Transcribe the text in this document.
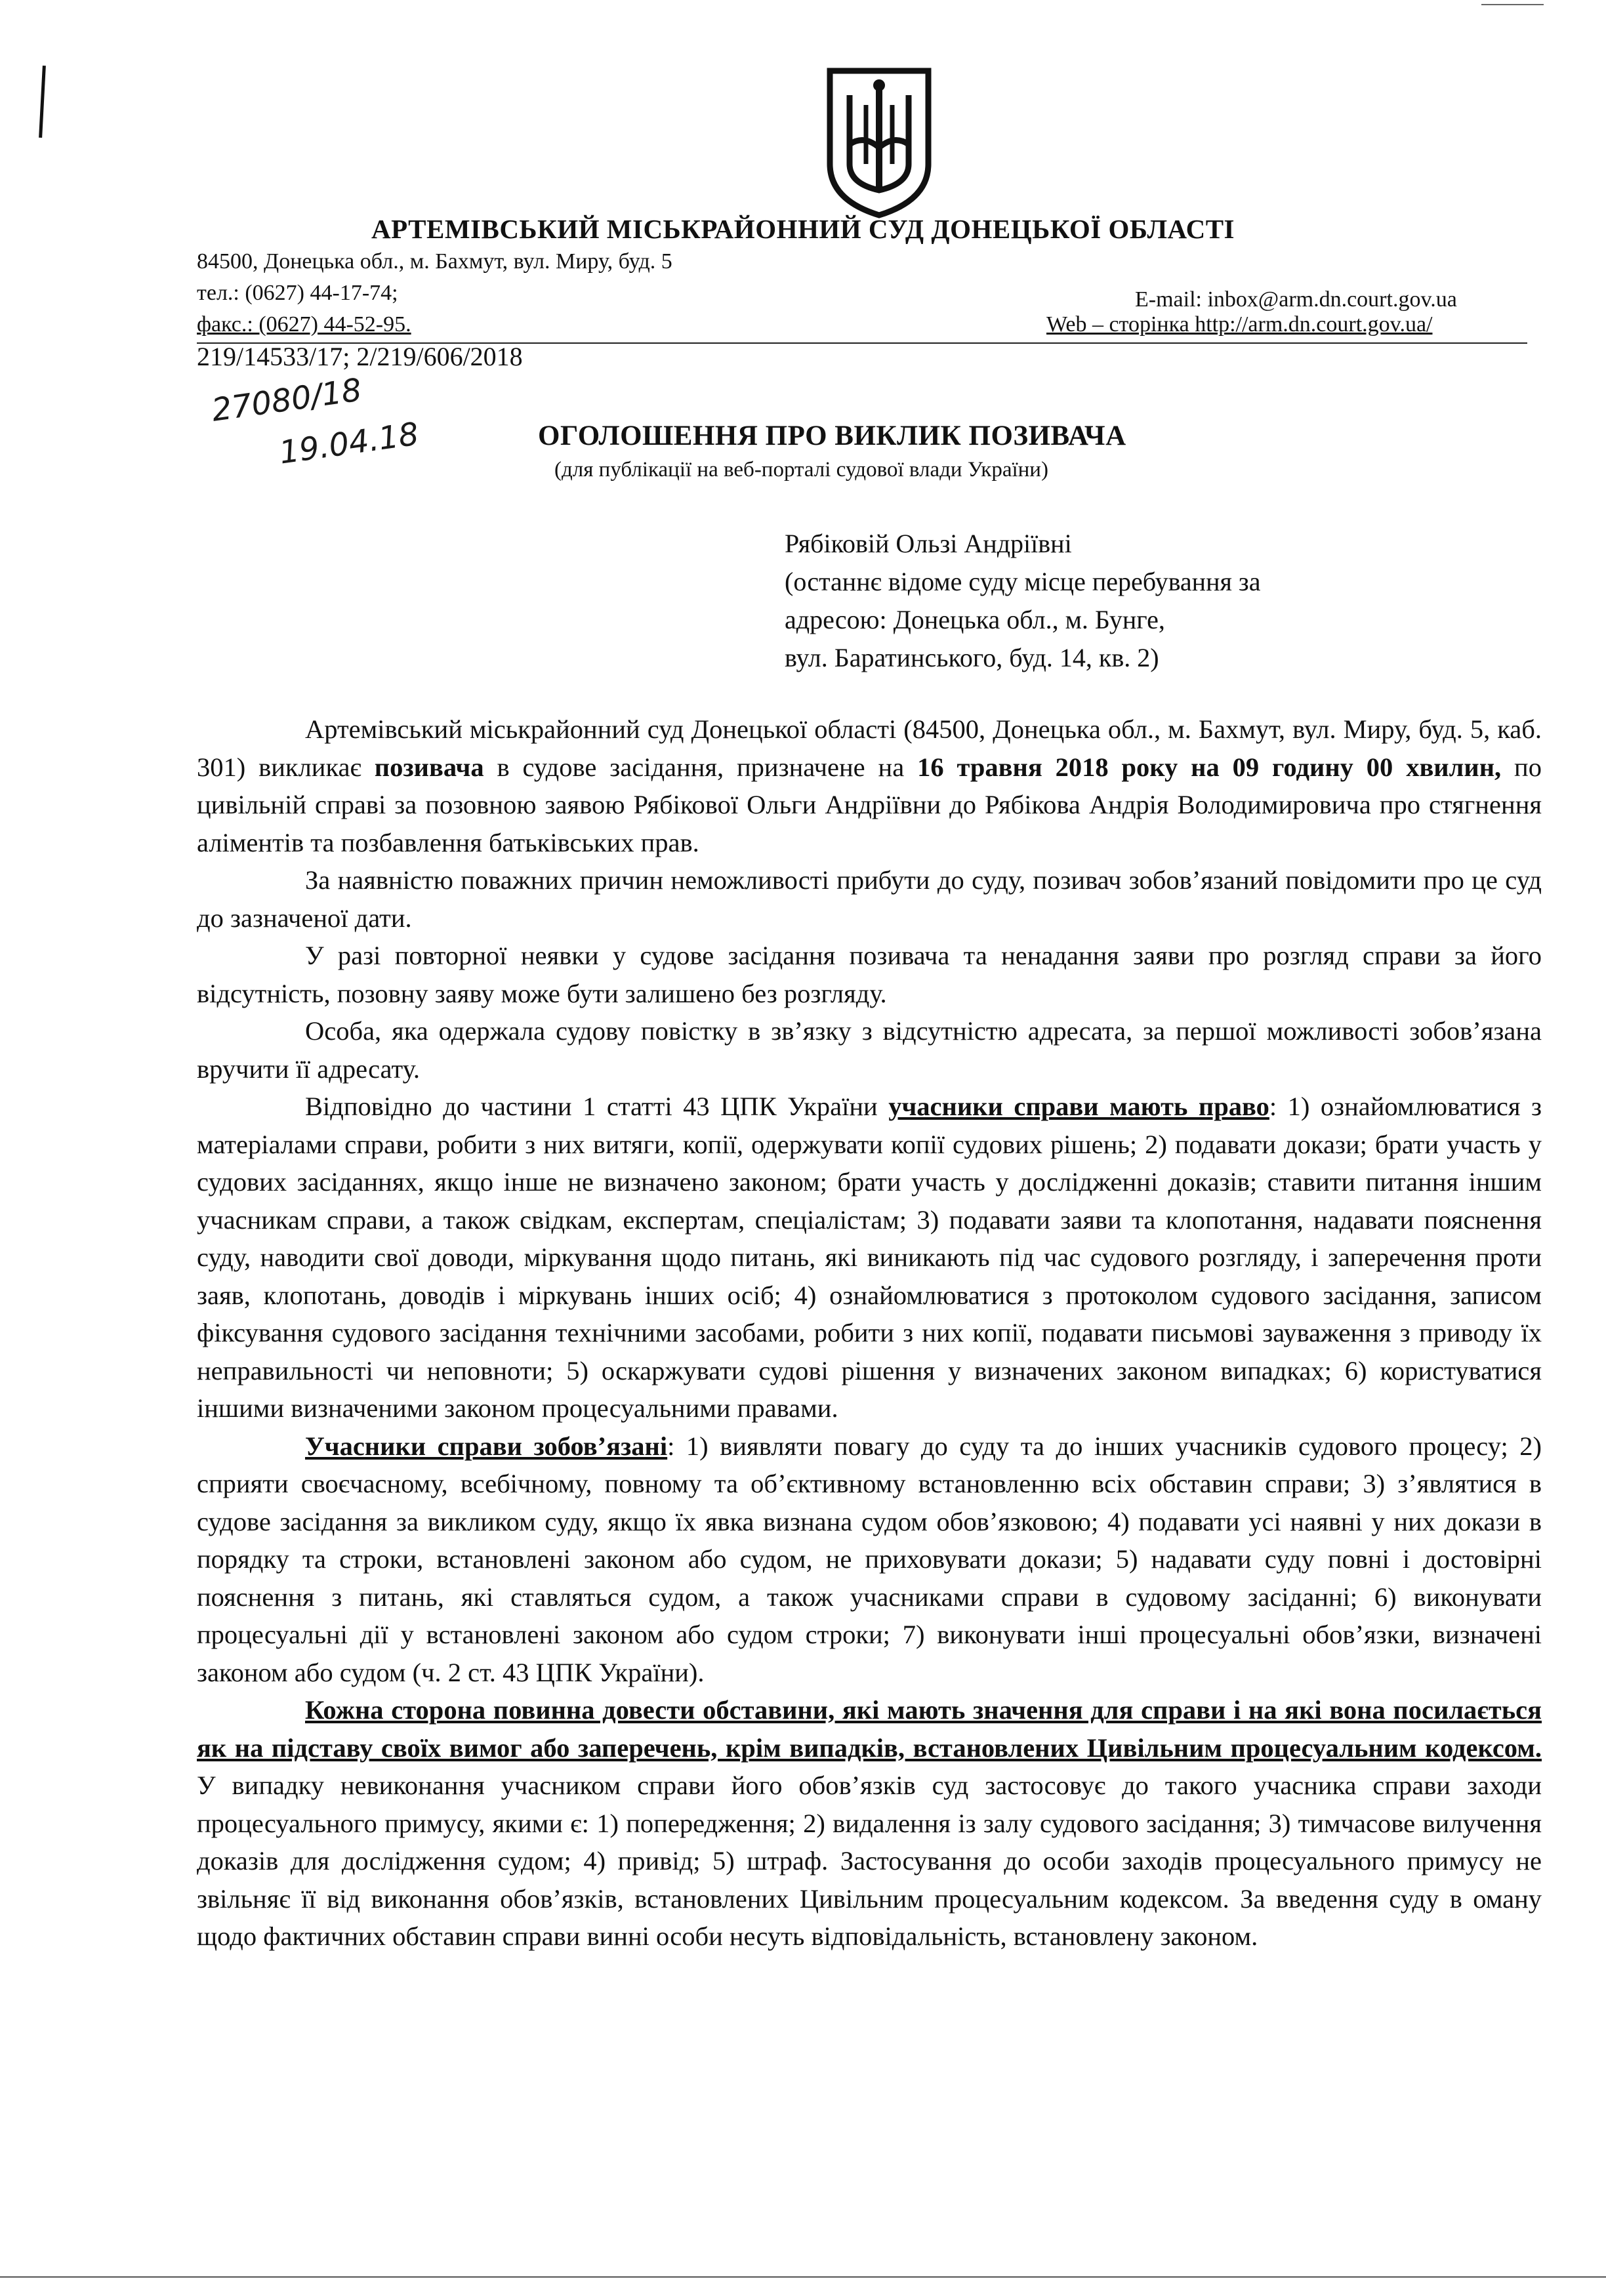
АРТЕМІВСЬКИЙ МІСЬКРАЙОННИЙ СУД ДОНЕЦЬКОЇ ОБЛАСТІ
84500, Донецька обл., м. Бахмут, вул. Миру, буд. 5
тел.: (0627) 44-17-74;
факс.: (0627) 44-52-95.
E-mail: inbox@arm.dn.court.gov.ua
Web – сторінка http://arm.dn.court.gov.ua/
219/14533/17; 2/219/606/2018
27080/18
19.04.18	ОГОЛОШЕННЯ ПРО ВИКЛИК ПОЗИВАЧА
(для публікації на веб-порталі судової влади України)
Рябіковій Ользі Андріївні
(останнє відоме суду місце перебування за
адресою: Донецька обл., м. Бунге,
вул. Баратинського, буд. 14, кв. 2)

Артемівський міськрайонний суд Донецької області (84500, Донецька обл., м. Бахмут, вул. Миру, буд. 5, каб. 301) викликає позивача в судове засідання, призначене на 16 травня 2018 року на 09 годину 00 хвилин, по цивільній справі за позовною заявою Рябікової Ольги Андріївни до Рябікова Андрія Володимировича про стягнення аліментів та позбавлення батьківських прав.

За наявністю поважних причин неможливості прибути до суду, позивач зобов’язаний повідомити про це суд до зазначеної дати.

У разі повторної неявки у судове засідання позивача та ненадання заяви про розгляд справи за його відсутність, позовну заяву може бути залишено без розгляду.

Особа, яка одержала судову повістку в зв’язку з відсутністю адресата, за першої можливості зобов’язана вручити її адресату.

Відповідно до частини 1 статті 43 ЦПК України учасники справи мають право: 1) ознайомлюватися з матеріалами справи, робити з них витяги, копії, одержувати копії судових рішень; 2) подавати докази; брати участь у судових засіданнях, якщо інше не визначено законом; брати участь у дослідженні доказів; ставити питання іншим учасникам справи, а також свідкам, експертам, спеціалістам; 3) подавати заяви та клопотання, надавати пояснення суду, наводити свої доводи, міркування щодо питань, які виникають під час судового розгляду, і заперечення проти заяв, клопотань, доводів і міркувань інших осіб; 4) ознайомлюватися з протоколом судового засідання, записом фіксування судового засідання технічними засобами, робити з них копії, подавати письмові зауваження з приводу їх неправильності чи неповноти; 5) оскаржувати судові рішення у визначених законом випадках; 6) користуватися іншими визначеними законом процесуальними правами.

Учасники справи зобов’язані: 1) виявляти повагу до суду та до інших учасників судового процесу; 2) сприяти своєчасному, всебічному, повному та об’єктивному встановленню всіх обставин справи; 3) з’являтися в судове засідання за викликом суду, якщо їх явка визнана судом обов’язковою; 4) подавати усі наявні у них докази в порядку та строки, встановлені законом або судом, не приховувати докази; 5) надавати суду повні і достовірні пояснення з питань, які ставляться судом, а також учасниками справи в судовому засіданні; 6) виконувати процесуальні дії у встановлені законом або судом строки; 7) виконувати інші процесуальні обов’язки, визначені законом або судом (ч. 2 ст. 43 ЦПК України).

Кожна сторона повинна довести обставини, які мають значення для справи і на які вона посилається як на підставу своїх вимог або заперечень, крім випадків, встановлених Цивільним процесуальним кодексом. У випадку невиконання учасником справи його обов’язків суд застосовує до такого учасника справи заходи процесуального примусу, якими є: 1) попередження; 2) видалення із залу судового засідання; 3) тимчасове вилучення доказів для дослідження судом; 4) привід; 5) штраф. Застосування до особи заходів процесуального примусу не звільняє її від виконання обов’язків, встановлених Цивільним процесуальним кодексом. За введення суду в оману щодо фактичних обставин справи винні особи несуть відповідальність, встановлену законом.
